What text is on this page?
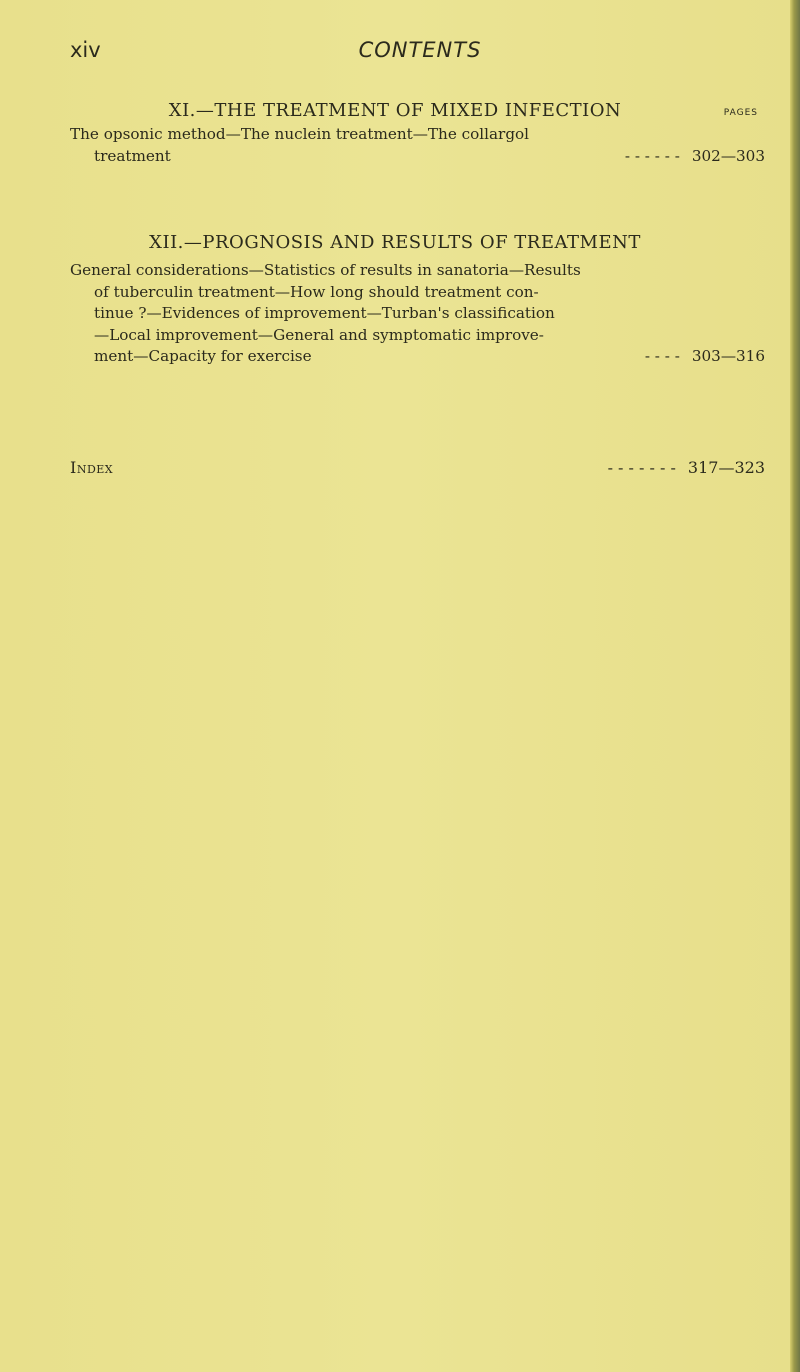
xiv	CONTENTS
XI.—THE TREATMENT OF MIXED INFECTION	PAGES
The opsonic method—The nuclein treatment—The collargol
treatment	- - - - - - 302—303
XII.—PROGNOSIS AND RESULTS OF TREATMENT
General considerations—Statistics of results in sanatoria—Results
of tuberculin treatment—How long should treatment con-
tinue ?—Evidences of improvement—Turban's classification
—Local improvement—General and symptomatic improve-
ment—Capacity for exercise	- - - - 303—316
Index	- - - - - - - 317—323
